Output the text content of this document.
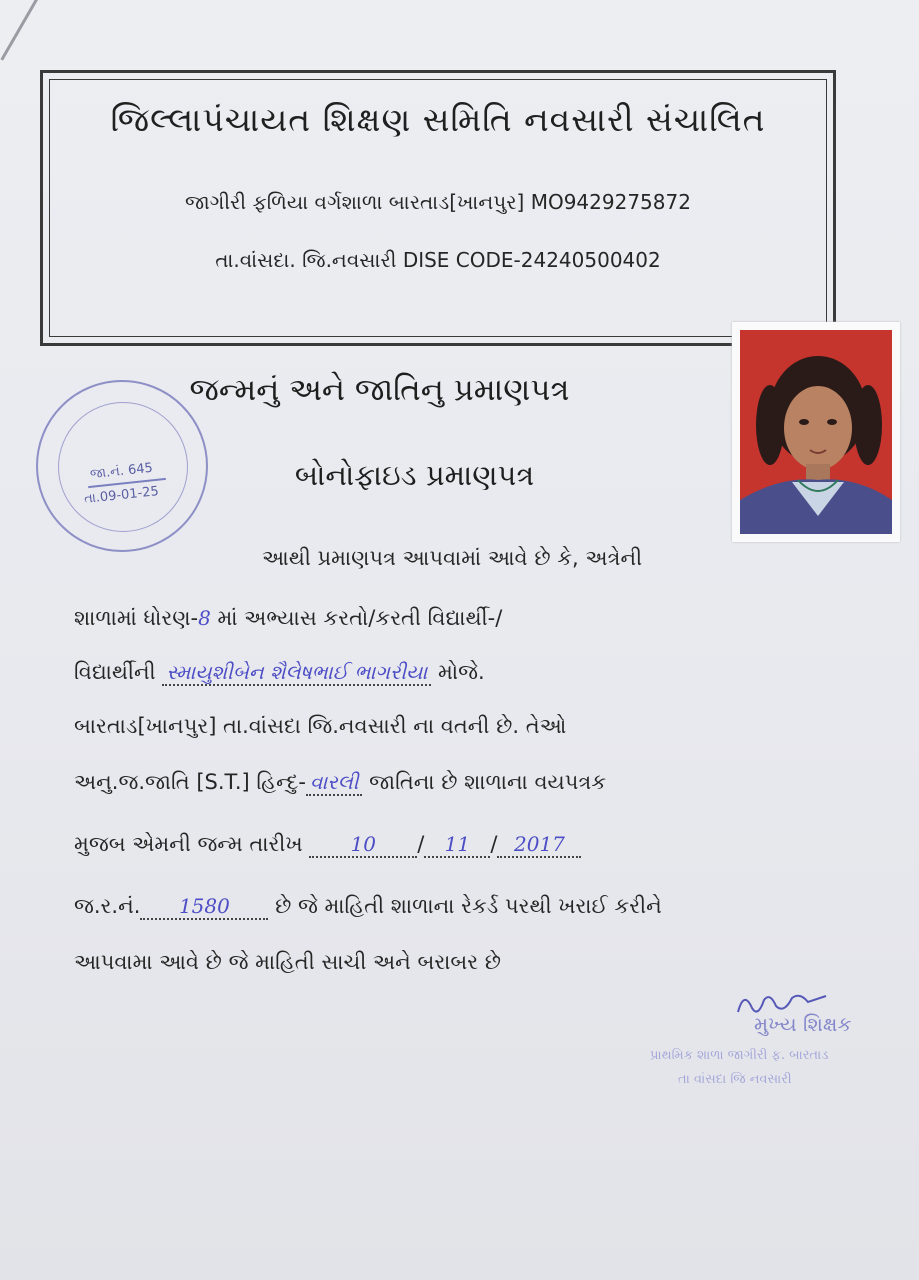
જિલ્લાપંચાયત શિક્ષણ સમિતિ નવસારી સંચાલિત
જાગીરી ફળિયા વર્ગશાળા બારતાડ[ખાનપુર] MO9429275872
તા.વાંસદા. જિ.નવસારી DISE CODE-24240500402
જા.નં. 645
તા.09-01-25
જન્મનું અને જાતિનુ પ્રમાણપત્ર
બોનોફાઇડ પ્રમાણપત્ર
આથી પ્રમાણપત્ર આપવામાં આવે છે કે, અત્રેની
શાળામાં ધોરણ-8 માં અભ્યાસ કરતો/કરતી વિદ્યાર્થી-/
વિદ્યાર્થીની સ્માયુશીબેન શૈલેષભાઈ ભાગરીયા મોજે.
બારતાડ[ખાનપુર] તા.વાંસદા જિ.નવસારી ના વતની છે. તેઓ
અનુ.જ.જાતિ [S.T.] હિન્દુ- વારલી જાતિના છે શાળાના વયપત્રક
મુજબ એમની જન્મ તારીખ 10 / 11 / 2017
જ.ર.નં. 1580 છે જે માહિતી શાળાના રેકર્ડ પરથી ખરાઈ કરીને
આપવામા આવે છે જે માહિતી સાચી અને બરાબર છે
મુખ્ય શિક્ષક
પ્રાથમિક શાળા જાગીરી ફ. બારતાડ
તા વાંસદા જિ નવસારી
